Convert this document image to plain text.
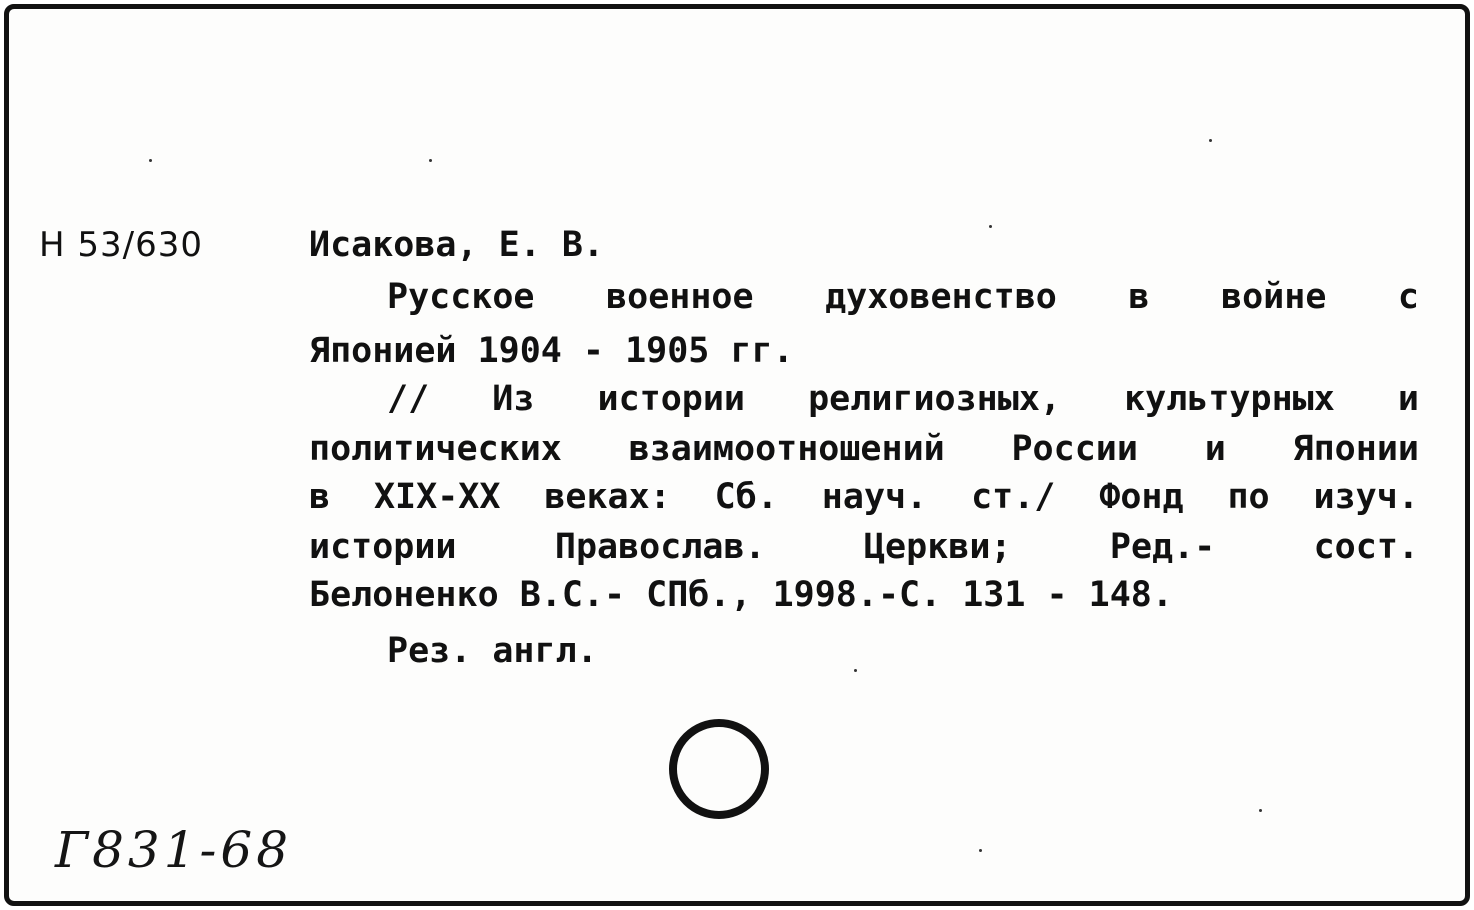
Н 53/630	Исакова, Е. В.
Русское военное духовенство в войне с
Японией 1904 - 1905 гг.
// Из истории религиозных, культурных и
политических взаимоотношений России и Японии
в XIX-XX веках: Сб. науч. ст./ Фонд по изуч.
истории	Православ.	Церкви;	Ред.-	сост.
Белоненко В.С.- СПб., 1998.-С. 131 - 148.
Рез. англ.
Г831-68
